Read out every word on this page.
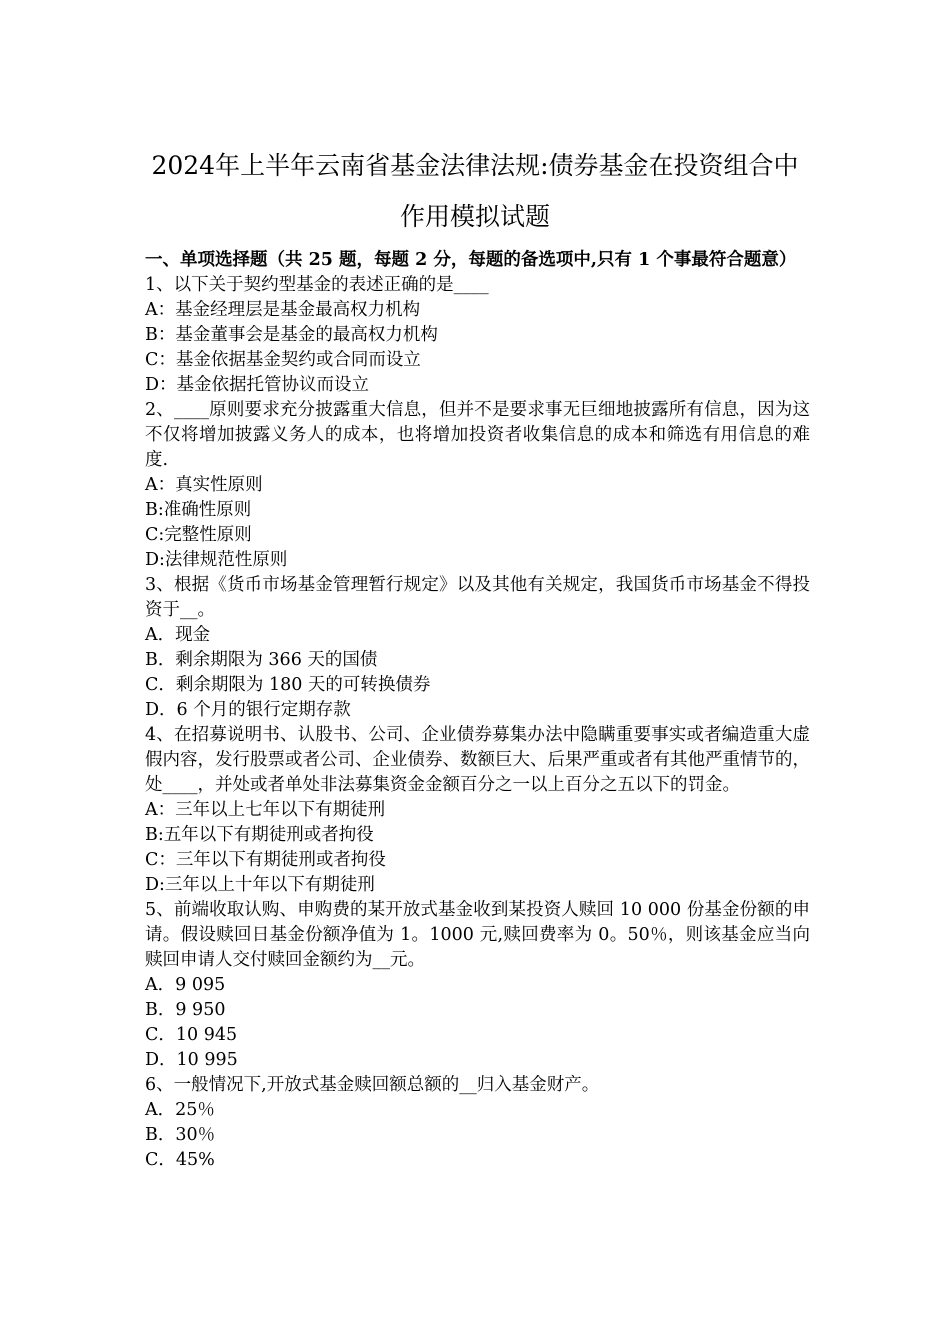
2024年上半年云南省基金法律法规:债券基金在投资组合中
作用模拟试题

一、单项选择题（共 25 题，每题 2 分，每题的备选项中,只有 1 个事最符合题意）

1、以下关于契约型基金的表述正确的是____

A：基金经理层是基金最高权力机构

B：基金董事会是基金的最高权力机构

C：基金依据基金契约或合同而设立

D：基金依据托管协议而设立

2、____原则要求充分披露重大信息，但并不是要求事无巨细地披露所有信息，因为这不仅将增加披露义务人的成本，也将增加投资者收集信息的成本和筛选有用信息的难度.

A：真实性原则

B:准确性原则

C:完整性原则

D:法律规范性原则

3、根据《货币市场基金管理暂行规定》以及其他有关规定，我国货币市场基金不得投资于__。

A．现金

B．剩余期限为 366 天的国债

C．剩余期限为 180 天的可转换债券

D．6 个月的银行定期存款

4、在招募说明书、认股书、公司、企业债券募集办法中隐瞒重要事实或者编造重大虚假内容，发行股票或者公司、企业债券、数额巨大、后果严重或者有其他严重情节的，处____，并处或者单处非法募集资金金额百分之一以上百分之五以下的罚金。

A：三年以上七年以下有期徒刑

B:五年以下有期徒刑或者拘役

C：三年以下有期徒刑或者拘役

D:三年以上十年以下有期徒刑

5、前端收取认购、申购费的某开放式基金收到某投资人赎回 10 000 份基金份额的申请。假设赎回日基金份额净值为 1。1000 元,赎回费率为 0。50％，则该基金应当向赎回申请人交付赎回金额约为__元。

A．9 095

B．9 950

C．10 945

D．10 995

6、一般情况下,开放式基金赎回额总额的__归入基金财产。

A．25％

B．30％

C．45%
